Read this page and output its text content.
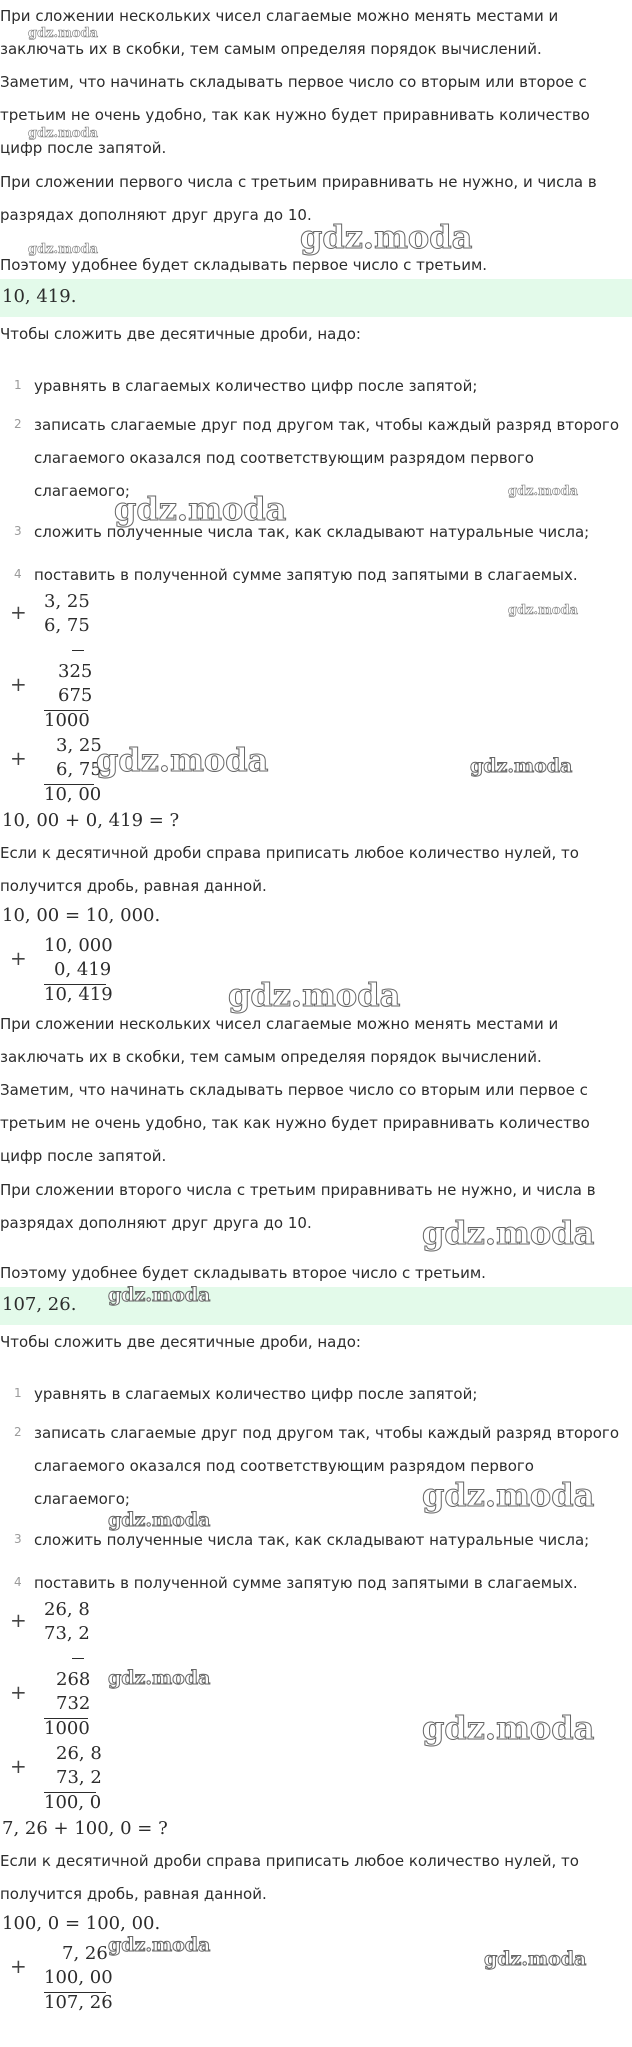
При сложении нескольких чисел слагаемые можно менять местами и заключать их в скобки, тем самым определяя порядок вычислений.

Заметим, что начинать складывать первое число со вторым или второе с третьим не очень удобно, так как нужно будет приравнивать количество цифр после запятой.

При сложении первого числа с третьим приравнивать не нужно, и числа в разрядах дополняют друг друга до 10.

Поэтому удобнее будет складывать первое число с третьим.

10, 419.

Чтобы сложить две десятичные дроби, надо:

1 уравнять в слагаемых количество цифр после запятой;
2 записать слагаемые друг под другом так, чтобы каждый разряд второго слагаемого оказался под соответствующим разрядом первого слагаемого;
3 сложить полученные числа так, как складывают натуральные числа;
4 поставить в полученной сумме запятую под запятыми в слагаемых.
+ 3, 25
6, 75
+
325
675
1000
+
3, 25
6, 75
10, 00
10, 00 + 0, 419 = ?

Если к десятичной дроби справа приписать любое количество нулей, то получится дробь, равная данной.

10, 00 = 10, 000.
+
10, 000
0, 419
10, 419

При сложении нескольких чисел слагаемые можно менять местами и заключать их в скобки, тем самым определяя порядок вычислений.

Заметим, что начинать складывать первое число со вторым или первое с третьим не очень удобно, так как нужно будет приравнивать количество цифр после запятой.

При сложении второго числа с третьим приравнивать не нужно, и числа в разрядах дополняют друг друга до 10.

Поэтому удобнее будет складывать второе число с третьим.

107, 26.

Чтобы сложить две десятичные дроби, надо:

1 уравнять в слагаемых количество цифр после запятой;
2 записать слагаемые друг под другом так, чтобы каждый разряд второго слагаемого оказался под соответствующим разрядом первого слагаемого;
3 сложить полученные числа так, как складывают натуральные числа;
4 поставить в полученной сумме запятую под запятыми в слагаемых.
+ 26, 8
73, 2
+
268
732
1000
+
26, 8
73, 2
100, 0
7, 26 + 100, 0 = ?

Если к десятичной дроби справа приписать любое количество нулей, то получится дробь, равная данной.

100, 0 = 100, 00.
+
7, 26
100, 00
107, 26
gdz.moda
gdz.moda
gdz.moda	gdz.moda
gdz.moda	gdz.moda
gdz.moda
gdz.moda	gdz.moda
gdz.moda
gdz.moda
gdz.moda
gdz.moda
gdz.moda
gdz.moda
gdz.moda
gdz.moda
gdz.moda
